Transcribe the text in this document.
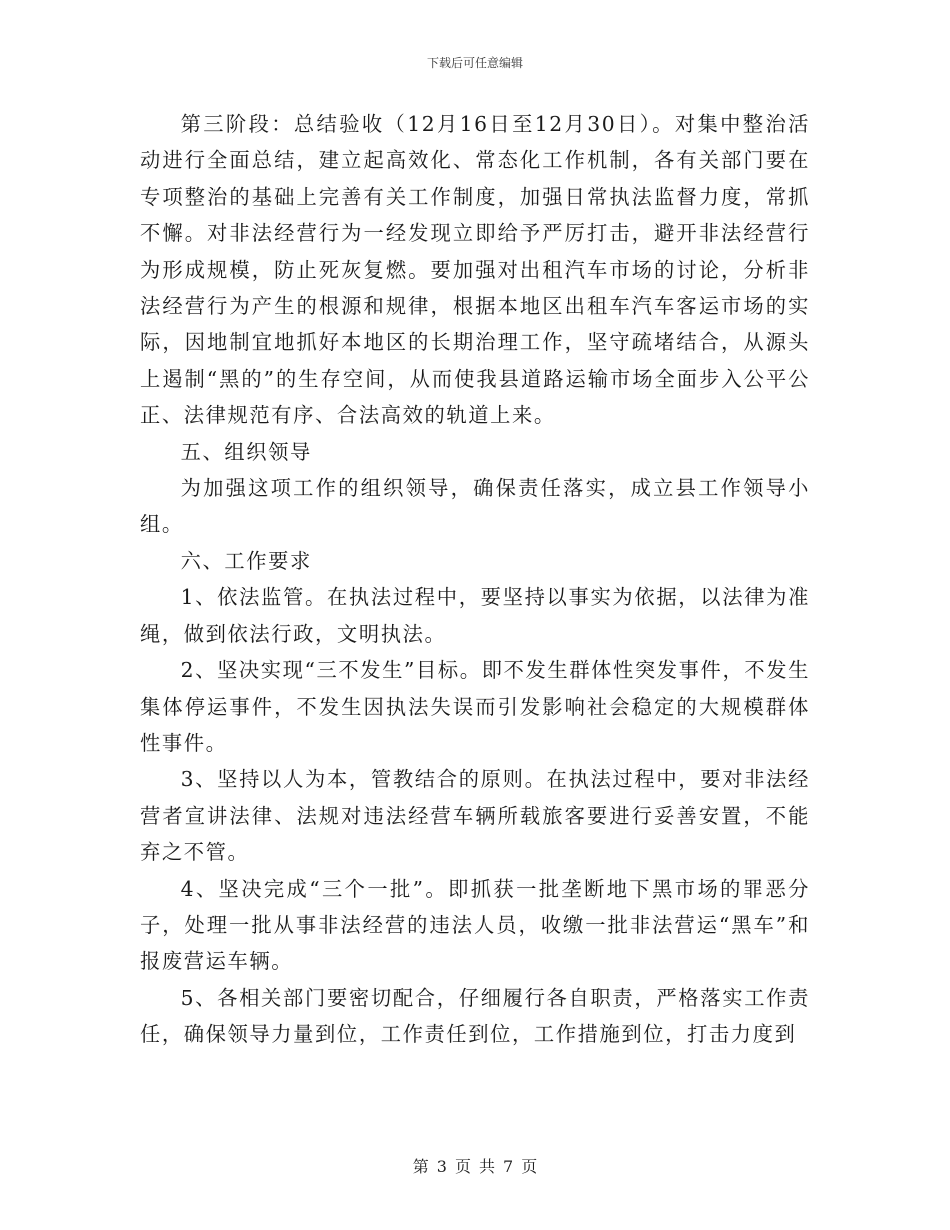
下载后可任意编辑

第三阶段：总结验收（12月16日至12月30日）。对集中整治活动进行全面总结，建立起高效化、常态化工作机制，各有关部门要在专项整治的基础上完善有关工作制度，加强日常执法监督力度，常抓不懈。对非法经营行为一经发现立即给予严厉打击，避开非法经营行为形成规模，防止死灰复燃。要加强对出租汽车市场的讨论，分析非法经营行为产生的根源和规律，根据本地区出租车汽车客运市场的实际，因地制宜地抓好本地区的长期治理工作，坚守疏堵结合，从源头上遏制“黑的”的生存空间，从而使我县道路运输市场全面步入公平公正、法律规范有序、合法高效的轨道上来。

五、组织领导

为加强这项工作的组织领导，确保责任落实，成立县工作领导小组。

六、工作要求

1、依法监管。在执法过程中，要坚持以事实为依据，以法律为准绳，做到依法行政，文明执法。

2、坚决实现“三不发生”目标。即不发生群体性突发事件，不发生集体停运事件，不发生因执法失误而引发影响社会稳定的大规模群体性事件。

3、坚持以人为本，管教结合的原则。在执法过程中，要对非法经营者宣讲法律、法规对违法经营车辆所载旅客要进行妥善安置，不能弃之不管。

4、坚决完成“三个一批”。即抓获一批垄断地下黑市场的罪恶分子，处理一批从事非法经营的违法人员，收缴一批非法营运“黑车”和报废营运车辆。

5、各相关部门要密切配合，仔细履行各自职责，严格落实工作责任，确保领导力量到位，工作责任到位，工作措施到位，打击力度到

第 3 页 共 7 页
